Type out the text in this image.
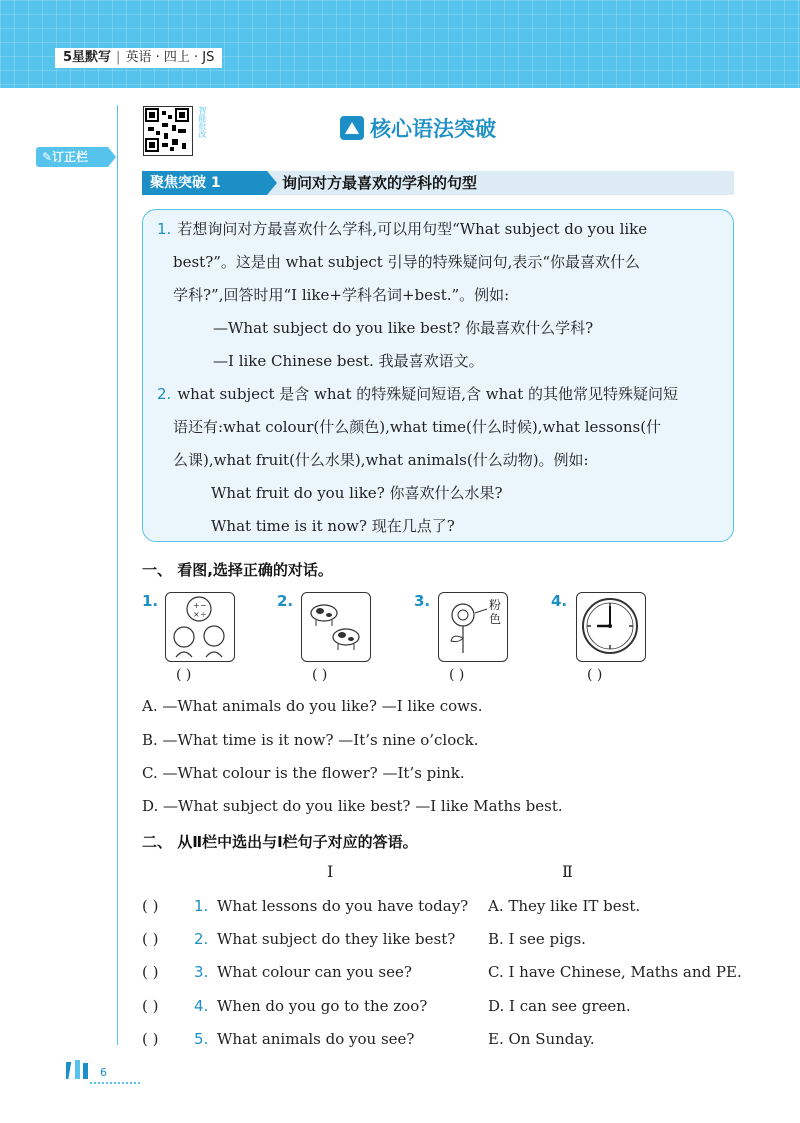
5星默写 | 英语 · 四上 · JS
智能批改
✎订正栏
核心语法突破
聚焦突破 1	询问对方最喜欢的学科的句型
1. 若想询问对方最喜欢什么学科,可以用句型“What subject do you like
best?”。这是由 what subject 引导的特殊疑问句,表示“你最喜欢什么
学科?”,回答时用“I like+学科名词+best.”。例如:
—What subject do you like best? 你最喜欢什么学科?
—I like Chinese best. 我最喜欢语文。
2. what subject 是含 what 的特殊疑问短语,含 what 的其他常见特殊疑问短
语还有:what colour(什么颜色),what time(什么时候),what lessons(什
么课),what fruit(什么水果),what animals(什么动物)。例如:
What fruit do you like? 你喜欢什么水果?
What time is it now? 现在几点了?
一、 看图,选择正确的对话。
1.	+ −
× ÷
( )
2.
( )
3.	粉色
( )
4.
( )
A. —What animals do you like? —I like cows.
B. —What time is it now? —It’s nine o’clock.
C. —What colour is the flower? —It’s pink.
D. —What subject do you like best? —I like Maths best.
二、 从Ⅱ栏中选出与Ⅰ栏句子对应的答语。
Ⅰ	Ⅱ
( ) 1. What lessons do you have today? A. They like IT best.
( ) 2. What subject do they like best? B. I see pigs.
( ) 3. What colour can you see?	C. I have Chinese, Maths and PE.
( ) 4. When do you go to the zoo?	D. I can see green.
( ) 5. What animals do you see?	E. On Sunday.
6
